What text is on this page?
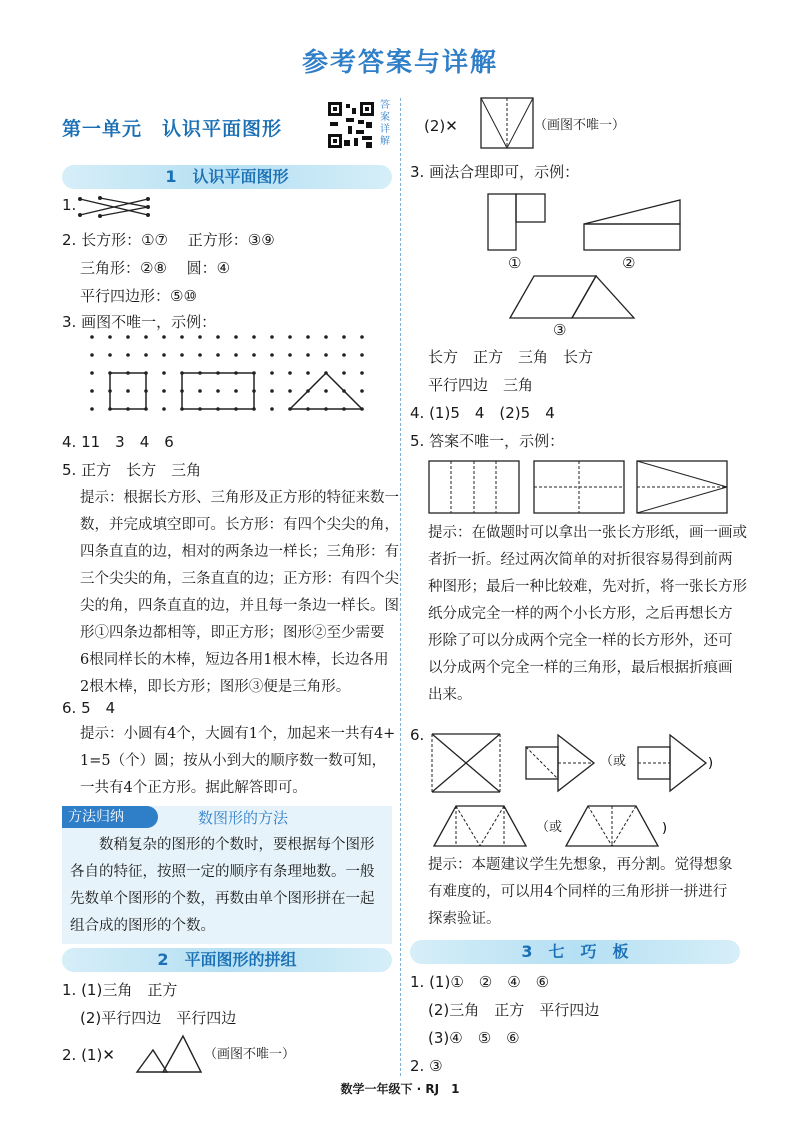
参考答案与详解
第一单元　认识平面图形
答案详解
1　认识平面图形
1.
2. 长方形：①⑦　 正方形：③⑨
三角形：②⑧　 圆：④
平行四边形：⑤⑩
3. 画图不唯一，示例：
4. 11　3　4　6
5. 正方　长方　三角
提示：根据长方形、三角形及正方形的特征来数一
数，并完成填空即可。长方形：有四个尖尖的角，
四条直直的边，相对的两条边一样长；三角形：有
三个尖尖的角，三条直直的边；正方形：有四个尖
尖的角，四条直直的边，并且每一条边一样长。图
形①四条边都相等，即正方形；图形②至少需要
6根同样长的木棒，短边各用1根木棒，长边各用
2根木棒，即长方形；图形③便是三角形。
6. 5　4
提示：小圆有4个，大圆有1个，加起来一共有4+
1=5（个）圆；按从小到大的顺序数一数可知，
一共有4个正方形。据此解答即可。
方法归纳	数图形的方法
　　数稍复杂的图形的个数时，要根据每个图形
各自的特征，按照一定的顺序有条理地数。一般
先数单个图形的个数，再数由单个图形拼在一起
组合成的图形的个数。
2　平面图形的拼组
1. (1)三角　正方
(2)平行四边　平行四边
2. (1)✕	（画图不唯一）
(2)✕	（画图不唯一）
3. 画法合理即可，示例：
①	②
③
长方　正方　三角　长方
平行四边　三角
4. (1)5　4　(2)5　4
5. 答案不唯一，示例：
提示：在做题时可以拿出一张长方形纸，画一画或
者折一折。经过两次简单的对折很容易得到前两
种图形；最后一种比较难，先对折，将一张长方形
纸分成完全一样的两个小长方形，之后再想长方
形除了可以分成两个完全一样的长方形外，还可
以分成两个完全一样的三角形，最后根据折痕画
出来。
6.
（或	)
（或	)
提示：本题建议学生先想象，再分割。觉得想象
有难度的，可以用4个同样的三角形拼一拼进行
探索验证。
3　七　巧　板
1. (1)①　②　④　⑥
(2)三角　正方　平行四边
(3)④　⑤　⑥
2. ③
数学一年级下 · RJ　1
